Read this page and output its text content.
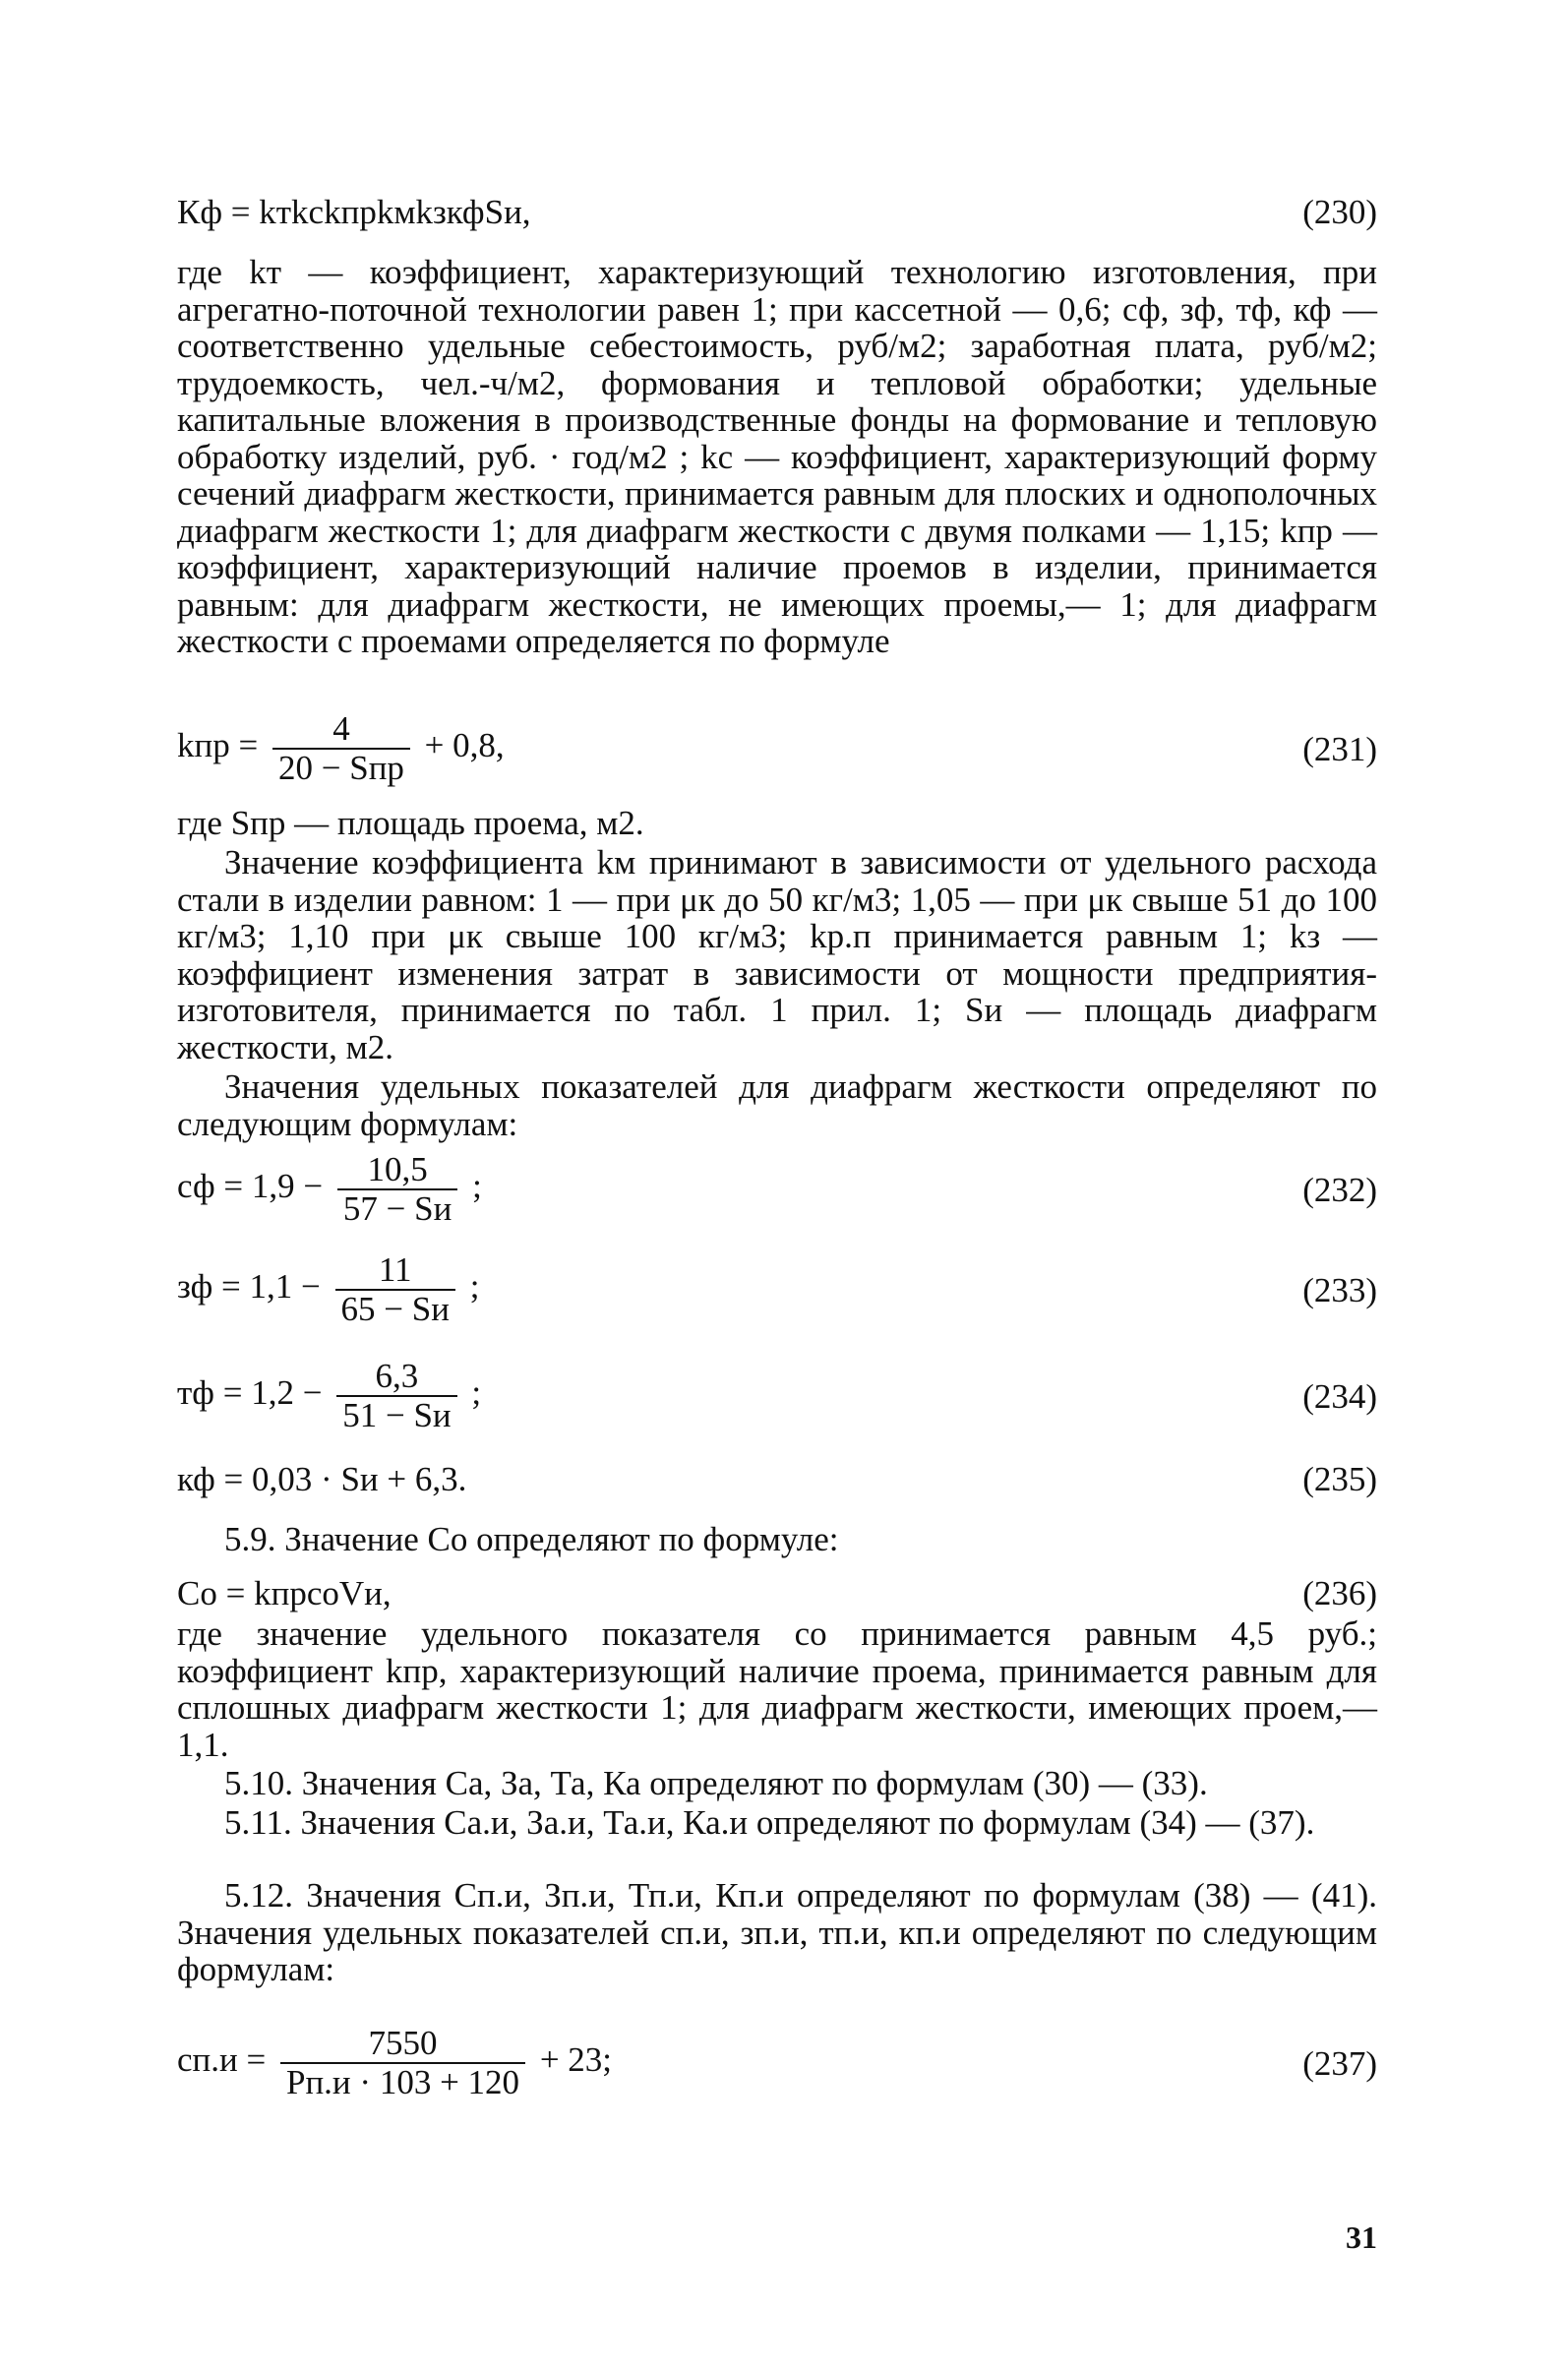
Кф = kтkсkпрkмkзкфSи,	(230)

где kт — коэффициент, характеризующий технологию изготовления, при агрегатно-поточной технологии равен 1; при кассетной — 0,6; сф, зф, тф, кф — соответственно удельные себестоимость, руб/м2; заработная плата, руб/м2; трудоемкость, чел.-ч/м2, формования и тепловой обработки; удельные капитальные вложения в производственные фонды на формование и тепловую обработку изделий, руб. · год/м2 ; kс — коэффициент, характеризующий форму сечений диафрагм жесткости, принимается равным для плоских и однополочных диафрагм жесткости 1; для диафрагм жесткости с двумя полками — 1,15; kпр — коэффициент, характеризующий наличие проемов в изделии, принимается равным: для диафрагм жесткости, не имеющих проемы,— 1; для диафрагм жесткости с проемами определяется по формуле

kпр = $\frac{4}{\text{20 − Sпр}} + 0,8$,	(231)

где Sпр — площадь проема, м2.

Значение коэффициента kм принимают в зависимости от удельного расхода стали в изделии равном: 1 — при μк до 50 кг/м3; 1,05 — при μк свыше 51 до 100 кг/м3; 1,10 при μк свыше 100 кг/м3; kр.п принимается равным 1; kз — коэффициент изменения затрат в зависимости от мощности предприятия-изготовителя, принимается по табл. 1 прил. 1; Sи — площадь диафрагм жесткости, м2.

Значения удельных показателей для диафрагм жесткости определяют по следующим формулам:

сф = $1,9 - \frac{10,5}{57 - Sи}$ ;	(232)
зф = $1,1 - \frac{11}{65 - Sи}$ ;	(233)
тф = $1,2 - \frac{6,3}{51 - Sи}$ ;	(234)
кф = 0,03 · Sи + 6,3.	(235)

5.9. Значение Со определяют по формуле:

Со = kпрсоVи,	(236)

где значение удельного показателя со принимается равным 4,5 руб.; коэффициент kпр, характеризующий наличие проема, принимается равным для сплошных диафрагм жесткости 1; для диафрагм жесткости, имеющих проем,— 1,1.

5.10. Значения Са, За, Та, Ка определяют по формулам (30) — (33).

5.11. Значения Са.и, За.и, Та.и, Ка.и определяют по формулам (34) — (37).

5.12. Значения Сп.и, Зп.и, Тп.и, Кп.и определяют по формулам (38) — (41). Значения удельных показателей сп.и, зп.и, тп.и, кп.и определяют по следующим формулам:

$сп.и = \frac{7550}{Рп.и \cdot 103 + 120} + 23$;	(237)
31
